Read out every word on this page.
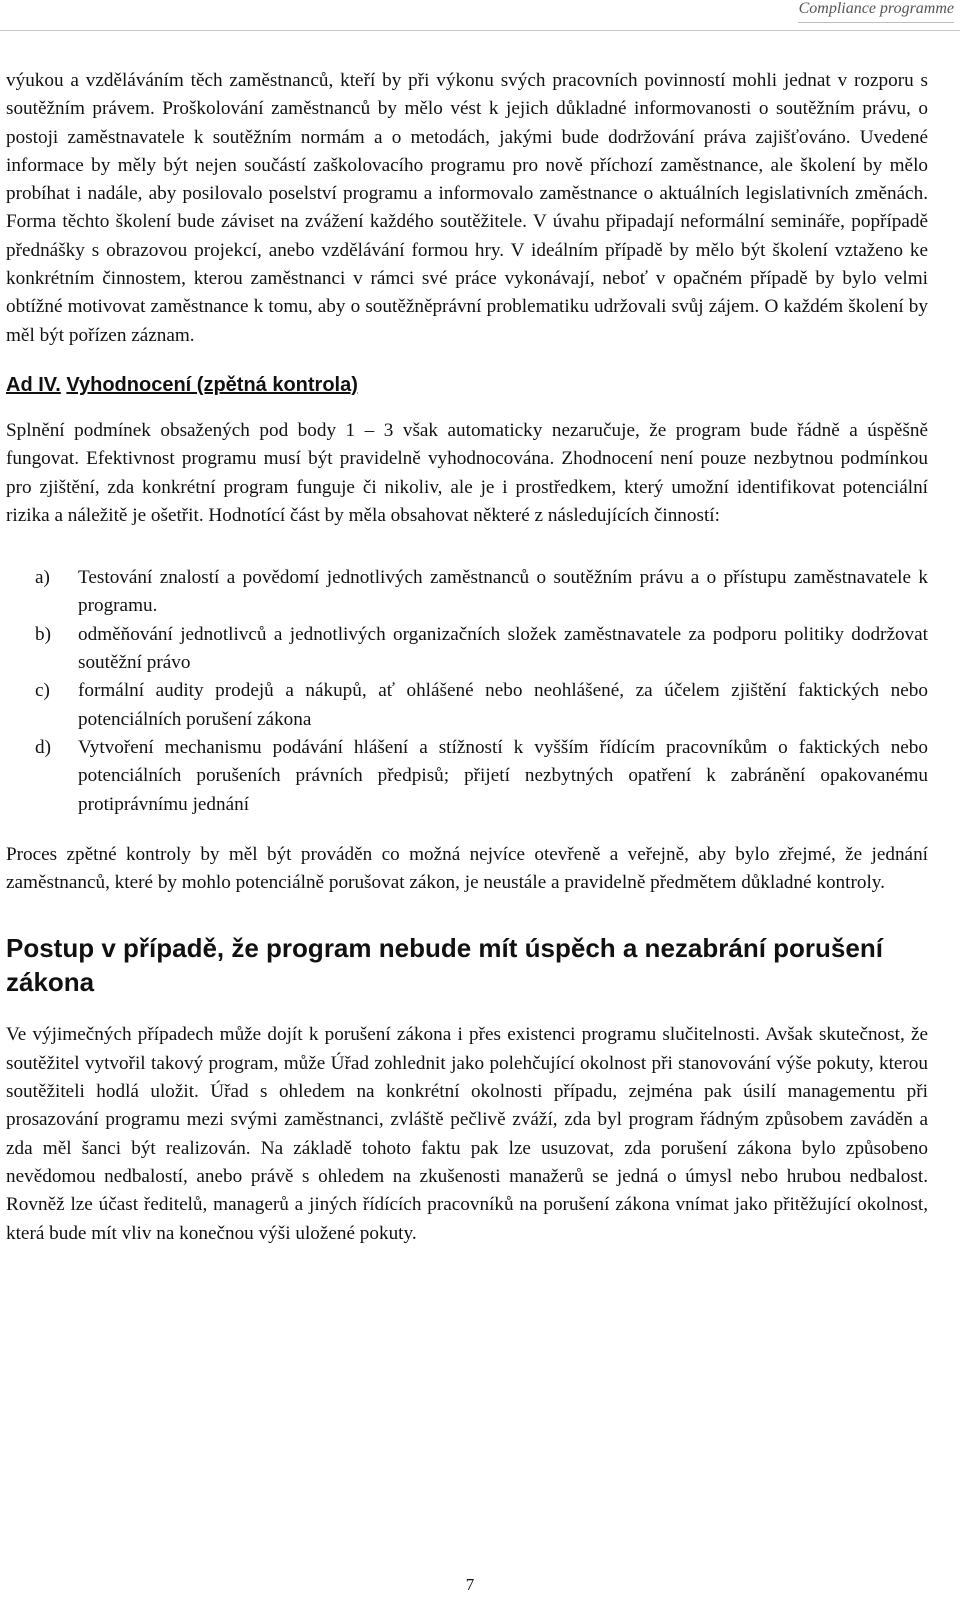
Compliance programme

výukou a vzděláváním těch zaměstnanců, kteří by při výkonu svých pracovních povinností mohli jednat v rozporu s soutěžním právem. Proškolování zaměstnanců by mělo vést k jejich důkladné informovanosti o soutěžním právu, o postoji zaměstnavatele k soutěžním normám a o metodách, jakými bude dodržování práva zajišťováno. Uvedené informace by měly být nejen součástí zaškolovacího programu pro nově příchozí zaměstnance, ale školení by mělo probíhat i nadále, aby posilovalo poselství programu a informovalo zaměstnance o aktuálních legislativních změnách. Forma těchto školení bude záviset na zvážení každého soutěžitele. V úvahu připadají neformální semináře, popřípadě přednášky s obrazovou projekcí, anebo vzdělávání formou hry. V ideálním případě by mělo být školení vztaženo ke konkrétním činnostem, kterou zaměstnanci v rámci své práce vykonávají, neboť v opačném případě by bylo velmi obtížné motivovat zaměstnance k tomu, aby o soutěžněprávní problematiku udržovali svůj zájem. O každém školení by měl být pořízen záznam.

Ad IV. Vyhodnocení (zpětná kontrola)

Splnění podmínek obsažených pod body 1 – 3 však automaticky nezaručuje, že program bude řádně a úspěšně fungovat. Efektivnost programu musí být pravidelně vyhodnocována. Zhodnocení není pouze nezbytnou podmínkou pro zjištění, zda konkrétní program funguje či nikoliv, ale je i prostředkem, který umožní identifikovat potenciální rizika a náležitě je ošetřit. Hodnotící část by měla obsahovat některé z následujících činností:

a) Testování znalostí a povědomí jednotlivých zaměstnanců o soutěžním právu a o přístupu zaměstnavatele k programu.
b) odměňování jednotlivců a jednotlivých organizačních složek zaměstnavatele za podporu politiky dodržovat soutěžní právo
c) formální audity prodejů a nákupů, ať ohlášené nebo neohlášené, za účelem zjištění faktických nebo potenciálních porušení zákona
d) Vytvoření mechanismu podávání hlášení a stížností k vyšším řídícím pracovníkům o faktických nebo potenciálních porušeních právních předpisů; přijetí nezbytných opatření k zabránění opakovanému protiprávnímu jednání

Proces zpětné kontroly by měl být prováděn co možná nejvíce otevřeně a veřejně, aby bylo zřejmé, že jednání zaměstnanců, které by mohlo potenciálně porušovat zákon, je neustále a pravidelně předmětem důkladné kontroly.

Postup v případě, že program nebude mít úspěch a nezabrání porušení zákona

Ve výjimečných případech může dojít k porušení zákona i přes existenci programu slučitelnosti. Avšak skutečnost, že soutěžitel vytvořil takový program, může Úřad zohlednit jako polehčující okolnost při stanovování výše pokuty, kterou soutěžiteli hodlá uložit. Úřad s ohledem na konkrétní okolnosti případu, zejména pak úsilí managementu při prosazování programu mezi svými zaměstnanci, zvláště pečlivě zváží, zda byl program řádným způsobem zaváděn a zda měl šanci být realizován. Na základě tohoto faktu pak lze usuzovat, zda porušení zákona bylo způsobeno nevědomou nedbalostí, anebo právě s ohledem na zkušenosti manažerů se jedná o úmysl nebo hrubou nedbalost. Rovněž lze účast ředitelů, managerů a jiných řídících pracovníků na porušení zákona vnímat jako přitěžující okolnost, která bude mít vliv na konečnou výši uložené pokuty.

7
